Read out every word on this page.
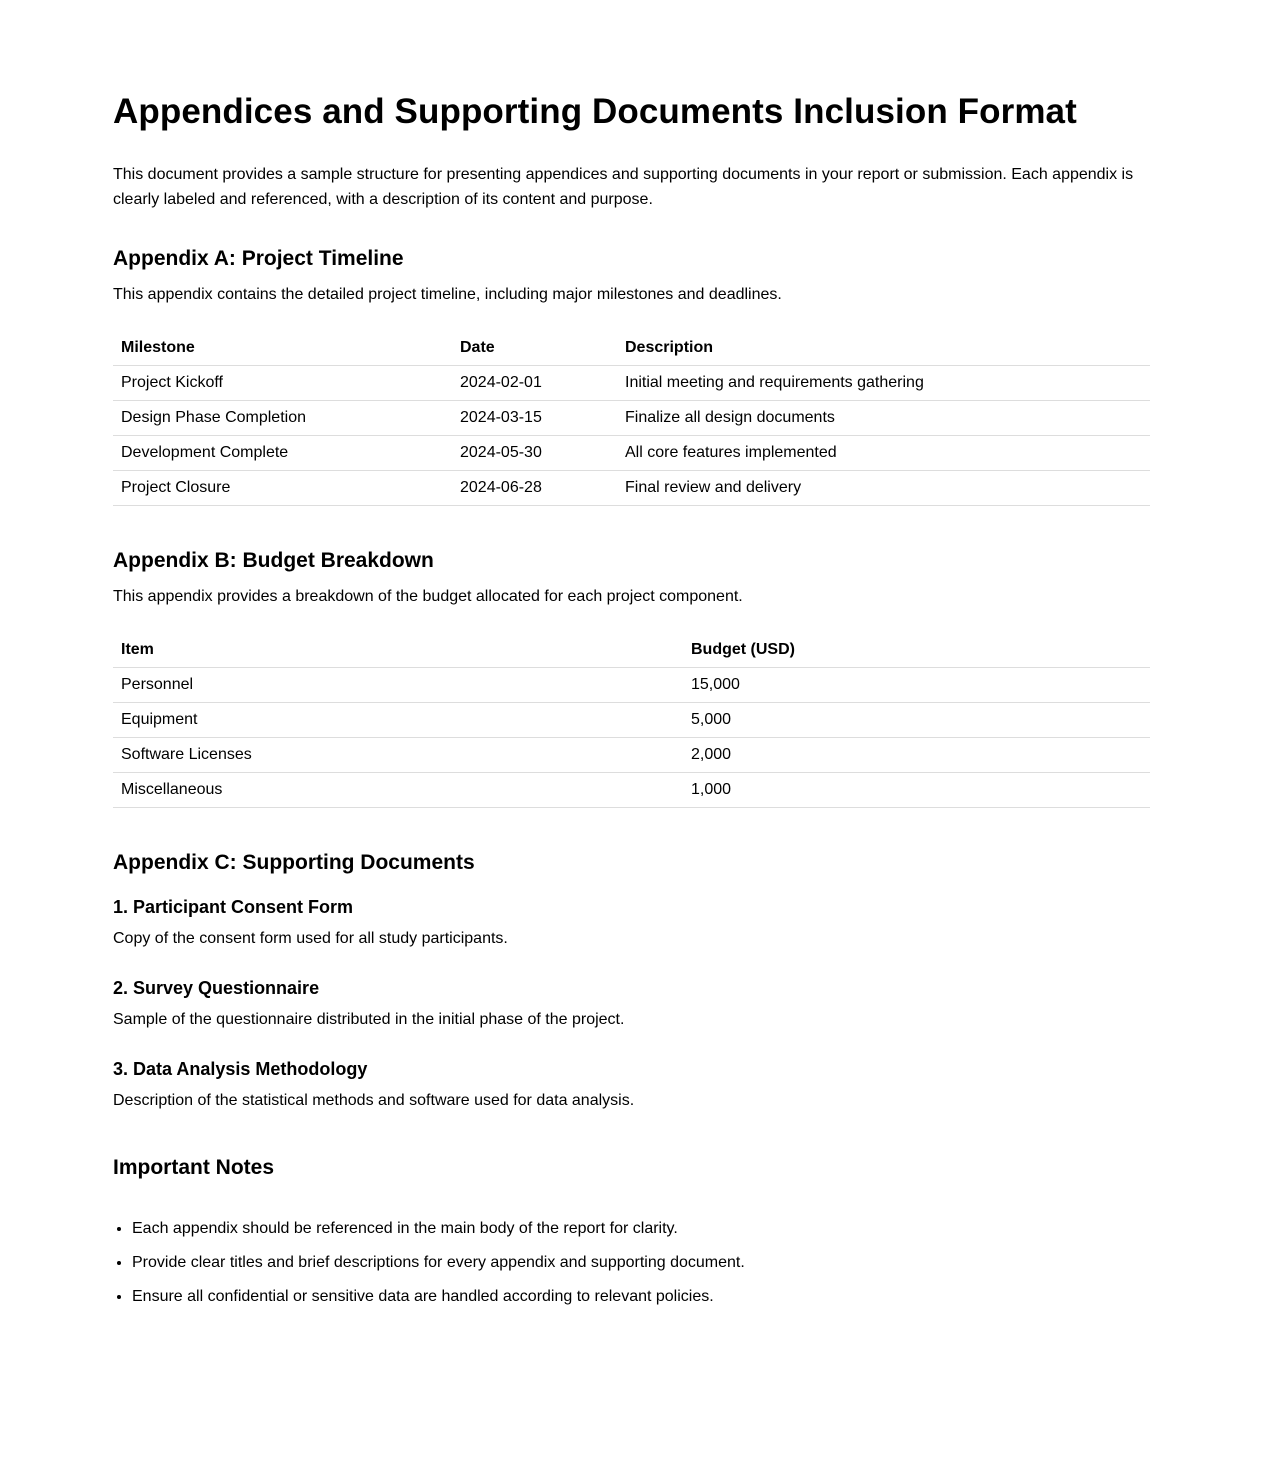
Appendices and Supporting Documents Inclusion Format

This document provides a sample structure for presenting appendices and supporting documents in your report or submission. Each appendix is clearly labeled and referenced, with a description of its content and purpose.

Appendix A: Project Timeline

This appendix contains the detailed project timeline, including major milestones and deadlines.

Milestone	Date	Description
Project Kickoff	2024-02-01	Initial meeting and requirements gathering
Design Phase Completion	2024-03-15	Finalize all design documents
Development Complete	2024-05-30	All core features implemented
Project Closure	2024-06-28	Final review and delivery
Appendix B: Budget Breakdown

This appendix provides a breakdown of the budget allocated for each project component.

Item	Budget (USD)
Personnel	15,000
Equipment	5,000
Software Licenses	2,000
Miscellaneous	1,000
Appendix C: Supporting Documents
1. Participant Consent Form

Copy of the consent form used for all study participants.

2. Survey Questionnaire

Sample of the questionnaire distributed in the initial phase of the project.

3. Data Analysis Methodology

Description of the statistical methods and software used for data analysis.

Important Notes
• Each appendix should be referenced in the main body of the report for clarity.
• Provide clear titles and brief descriptions for every appendix and supporting document.
• Ensure all confidential or sensitive data are handled according to relevant policies.
